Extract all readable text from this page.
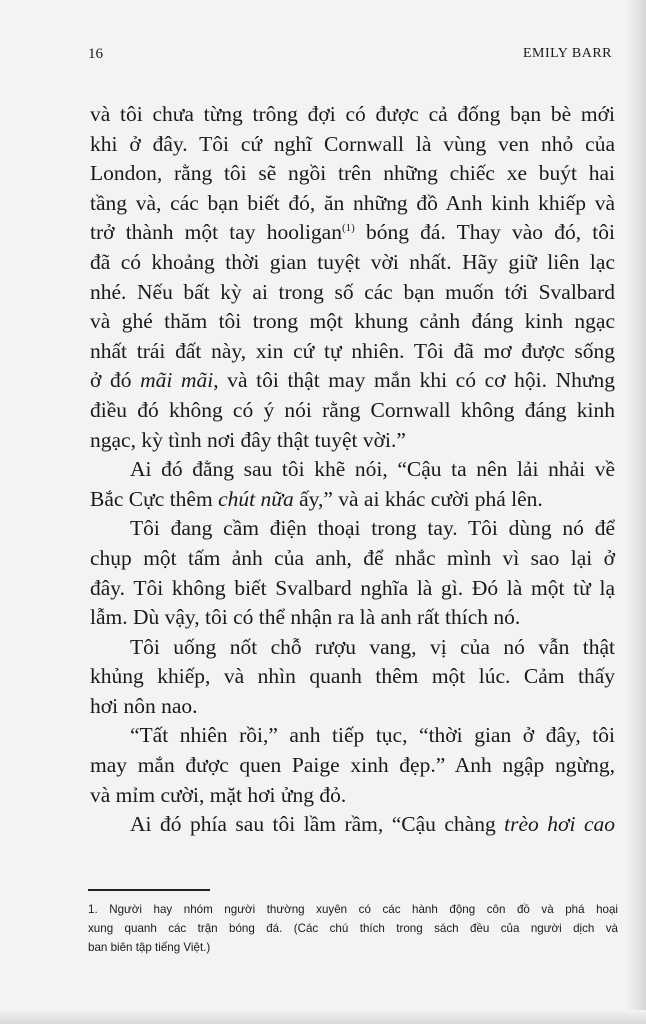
16	EMILY BARR
và tôi chưa từng trông đợi có được cả đống bạn bè mới
khi ở đây. Tôi cứ nghĩ Cornwall là vùng ven nhỏ của
London, rằng tôi sẽ ngồi trên những chiếc xe buýt hai
tầng và, các bạn biết đó, ăn những đồ Anh kinh khiếp và
trở thành một tay hooligan$^{(1)}$ bóng đá. Thay vào đó, tôi
đã có khoảng thời gian tuyệt vời nhất. Hãy giữ liên lạc
nhé. Nếu bất kỳ ai trong số các bạn muốn tới Svalbard
và ghé thăm tôi trong một khung cảnh đáng kinh ngạc
nhất trái đất này, xin cứ tự nhiên. Tôi đã mơ được sống
ở đó mãi mãi, và tôi thật may mắn khi có cơ hội. Nhưng
điều đó không có ý nói rằng Cornwall không đáng kinh
ngạc, kỳ tình nơi đây thật tuyệt vời.”
Ai đó đằng sau tôi khẽ nói, “Cậu ta nên lải nhải về
Bắc Cực thêm chút nữa ấy,” và ai khác cười phá lên.
Tôi đang cầm điện thoại trong tay. Tôi dùng nó để
chụp một tấm ảnh của anh, để nhắc mình vì sao lại ở
đây. Tôi không biết Svalbard nghĩa là gì. Đó là một từ lạ
lẫm. Dù vậy, tôi có thể nhận ra là anh rất thích nó.
Tôi uống nốt chỗ rượu vang, vị của nó vẫn thật
khủng khiếp, và nhìn quanh thêm một lúc. Cảm thấy
hơi nôn nao.
“Tất nhiên rồi,” anh tiếp tục, “thời gian ở đây, tôi
may mắn được quen Paige xinh đẹp.” Anh ngập ngừng,
và mỉm cười, mặt hơi ửng đỏ.
Ai đó phía sau tôi lầm rầm, “Cậu chàng trèo hơi cao
1. Người hay nhóm người thường xuyên có các hành động côn đồ và phá hoại
xung quanh các trận bóng đá. (Các chú thích trong sách đều của người dịch và
ban biên tập tiếng Việt.)
